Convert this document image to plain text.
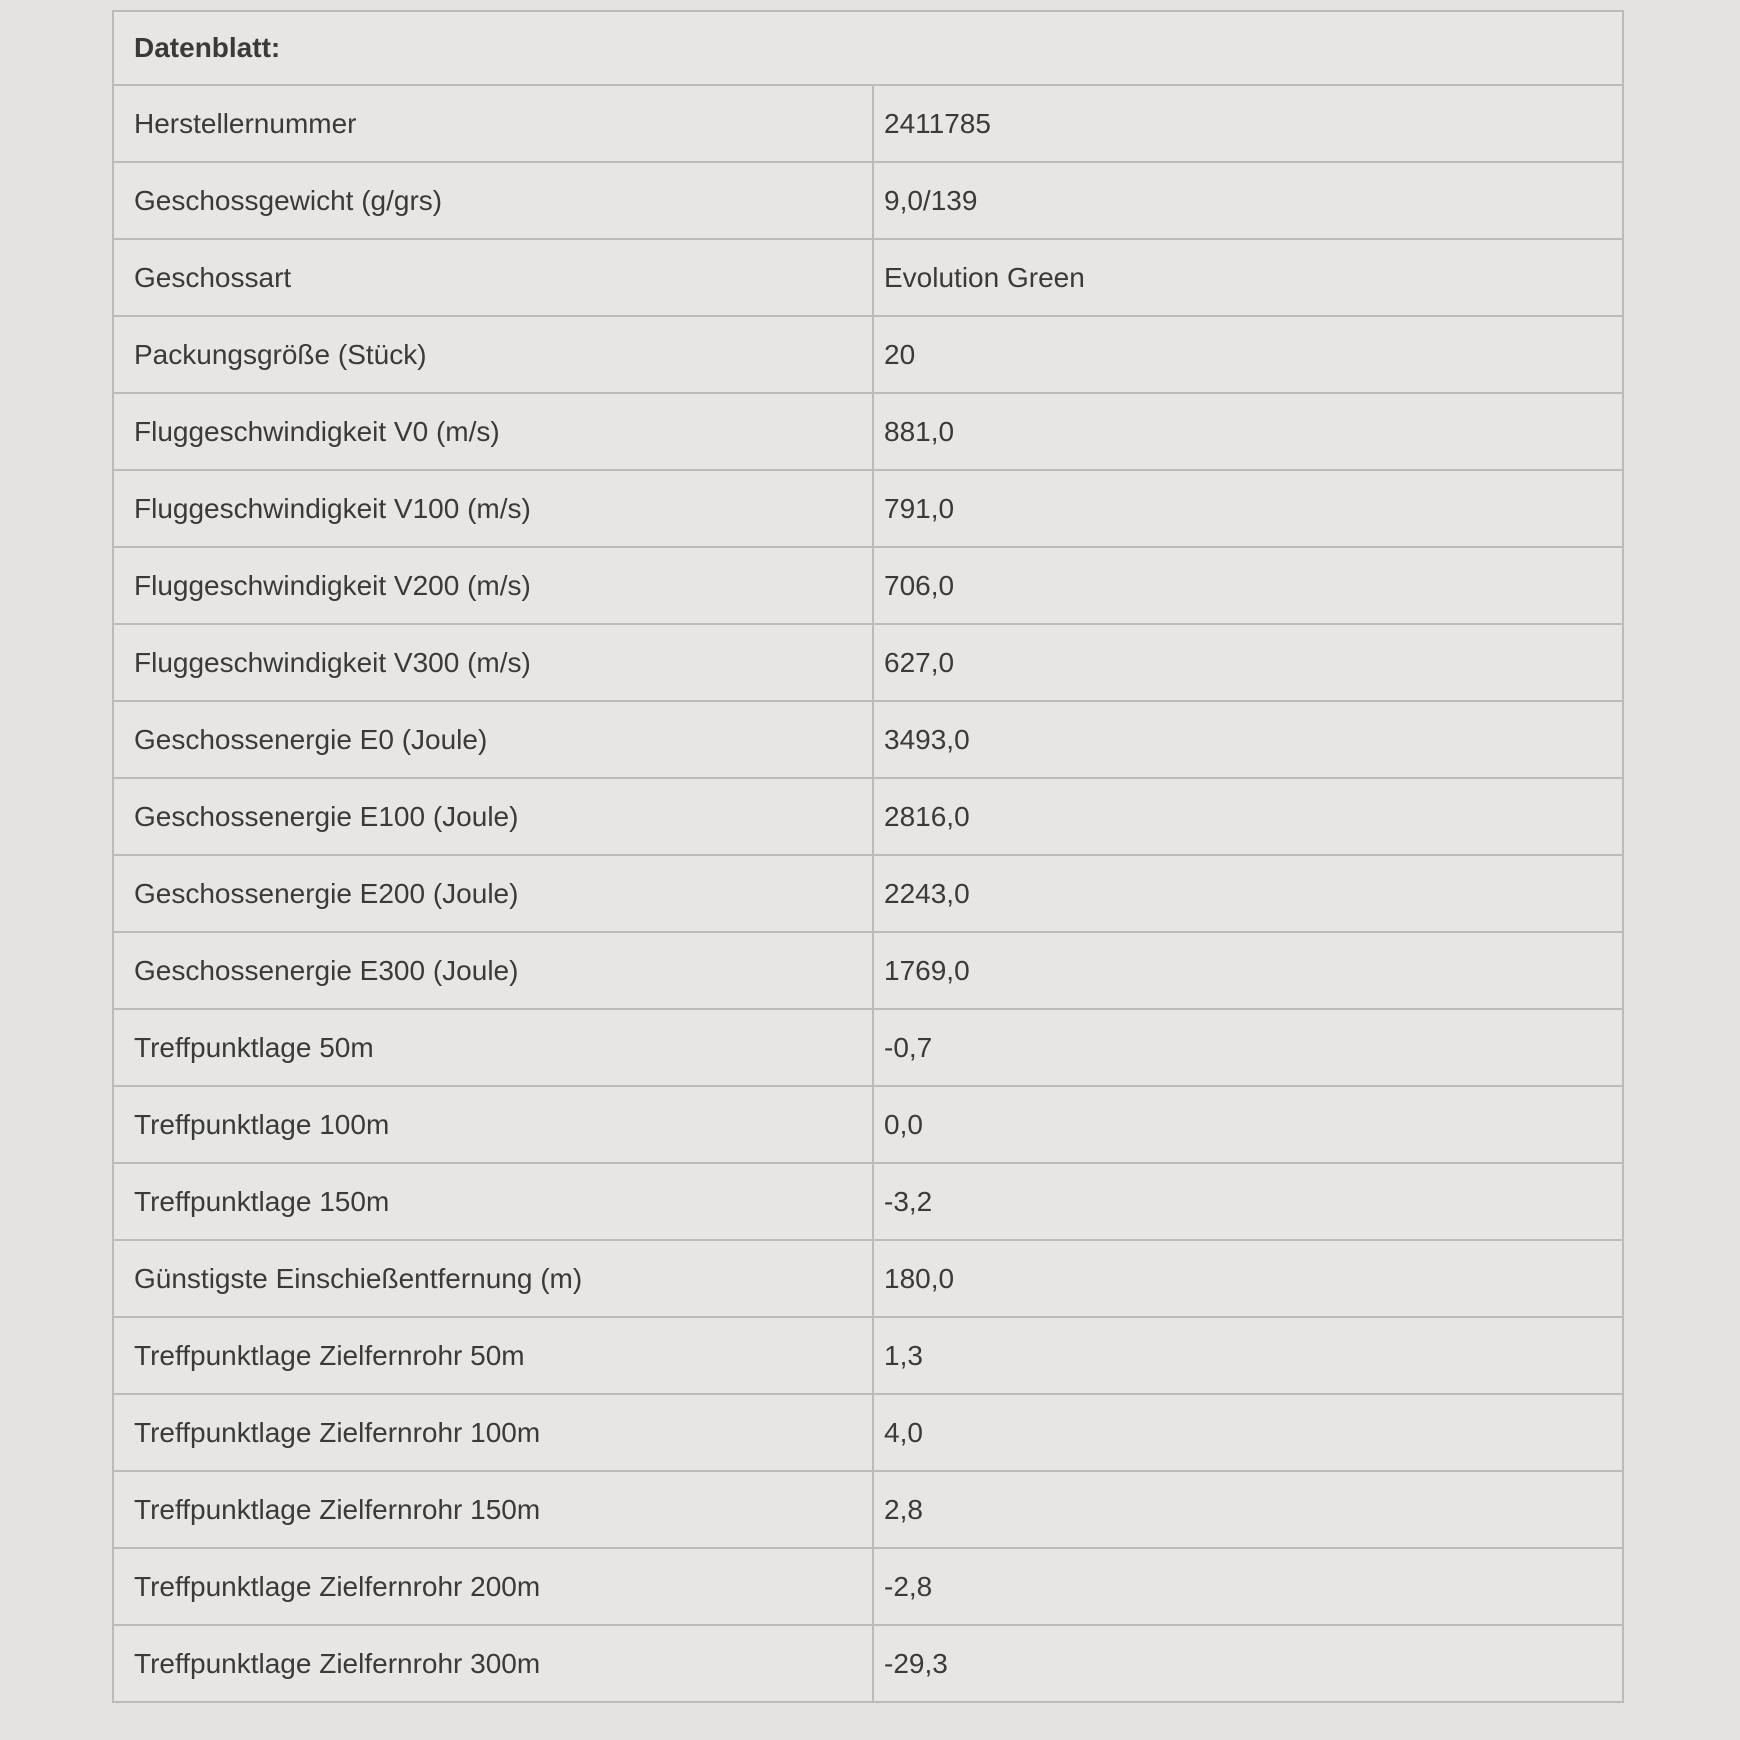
Datenblatt:	
Herstellernummer	2411785
Geschossgewicht (g/grs)	9,0/139
Geschossart	Evolution Green
Packungsgröße (Stück)	20
Fluggeschwindigkeit V0 (m/s)	881,0
Fluggeschwindigkeit V100 (m/s)	791,0
Fluggeschwindigkeit V200 (m/s)	706,0
Fluggeschwindigkeit V300 (m/s)	627,0
Geschossenergie E0 (Joule)	3493,0
Geschossenergie E100 (Joule)	2816,0
Geschossenergie E200 (Joule)	2243,0
Geschossenergie E300 (Joule)	1769,0
Treffpunktlage 50m	-0,7
Treffpunktlage 100m	0,0
Treffpunktlage 150m	-3,2
Günstigste Einschießentfernung (m)	180,0
Treffpunktlage Zielfernrohr 50m	1,3
Treffpunktlage Zielfernrohr 100m	4,0
Treffpunktlage Zielfernrohr 150m	2,8
Treffpunktlage Zielfernrohr 200m	-2,8
Treffpunktlage Zielfernrohr 300m	-29,3
